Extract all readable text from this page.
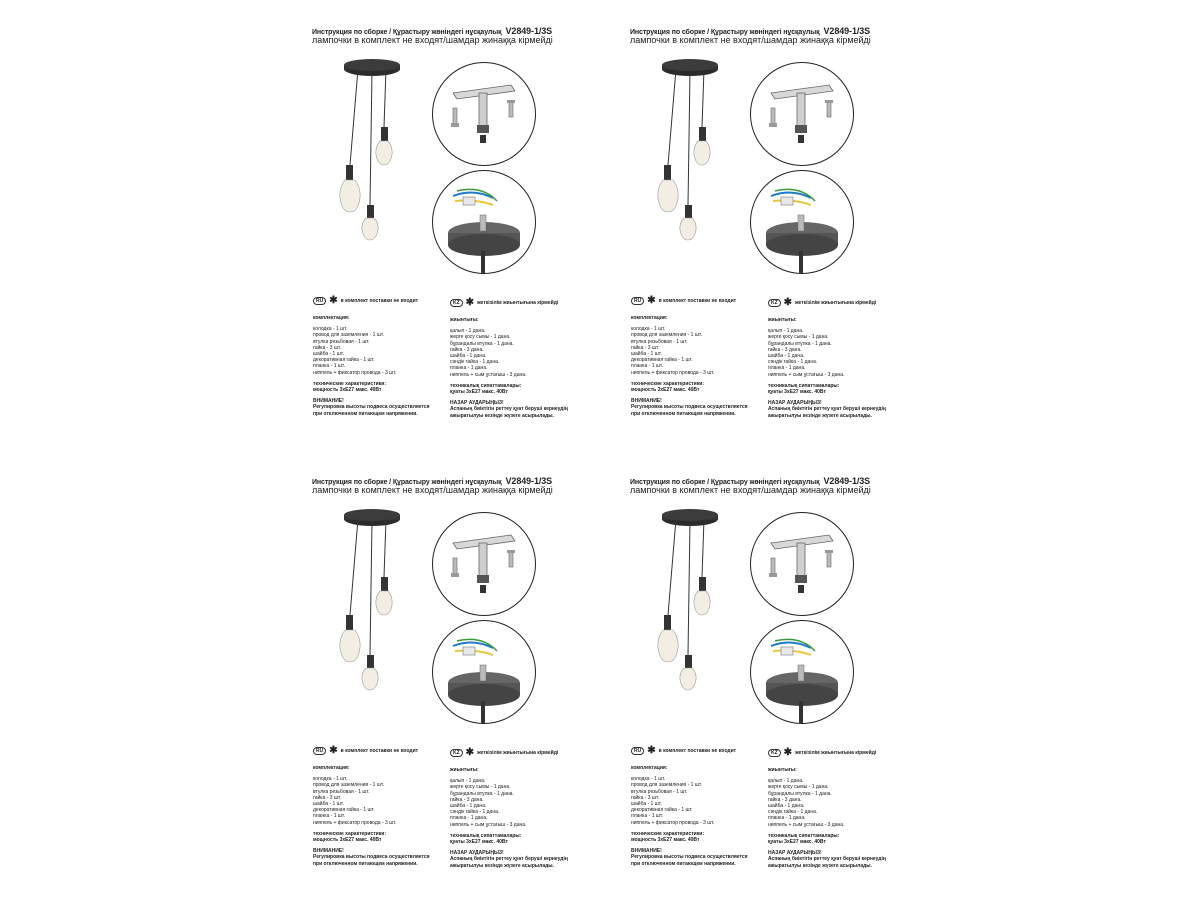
Инструкция по сборке / Құрастыру жөніндегі нұсқаулық V2849-1/3S
лампочки в комплект не входят/шамдар жинаққа кірмейді
RU ✱ в комплект поставки не входит
комплектация:
колодка - 1 шт.
провод для заземления - 1 шт.
втулка резьбовая - 1 шт.
гайка - 3 шт.
шайба - 1 шт.
декоративная гайка - 1 шт.
планка - 1 шт.
ниппель + фиксатор провода - 3 шт.
технические характеристики:
мощность 3хЕ27 макс. 40Вт
ВНИМАНИЕ!
Регулировка высоты подвеса осуществляется
при отключенном питающем напряжении.
KZ ✱ жеткізілім жиынтығына кірмейді
жиынтығы:
қалып - 1 дана.
жерге қосу сымы - 1 дана.
бұрандалы втулка - 1 дана.
гайка - 3 дана.
шайба - 1 дана.
сәндік гайка - 1 дана.
планка - 1 дана.
ниппель + сым ұстағыш - 3 дана.
техникалық сипаттамалары:
қуаты 3хЕ27 макс. 40Вт
НАЗАР АУДАРЫҢЫЗ!
Аспаның биіктігін реттеу қуат беруші кернеудің
ажыратылуы кезінде жүзеге асырылады.
Инструкция по сборке / Құрастыру жөніндегі нұсқаулық V2849-1/3S
лампочки в комплект не входят/шамдар жинаққа кірмейді
RU ✱ в комплект поставки не входит
комплектация:
колодка - 1 шт.
провод для заземления - 1 шт.
втулка резьбовая - 1 шт.
гайка - 3 шт.
шайба - 1 шт.
декоративная гайка - 1 шт.
планка - 1 шт.
ниппель + фиксатор провода - 3 шт.
технические характеристики:
мощность 3хЕ27 макс. 40Вт
ВНИМАНИЕ!
Регулировка высоты подвеса осуществляется
при отключенном питающем напряжении.
KZ ✱ жеткізілім жиынтығына кірмейді
жиынтығы:
қалып - 1 дана.
жерге қосу сымы - 1 дана.
бұрандалы втулка - 1 дана.
гайка - 3 дана.
шайба - 1 дана.
сәндік гайка - 1 дана.
планка - 1 дана.
ниппель + сым ұстағыш - 3 дана.
техникалық сипаттамалары:
қуаты 3хЕ27 макс. 40Вт
НАЗАР АУДАРЫҢЫЗ!
Аспаның биіктігін реттеу қуат беруші кернеудің
ажыратылуы кезінде жүзеге асырылады.
Инструкция по сборке / Құрастыру жөніндегі нұсқаулық V2849-1/3S
лампочки в комплект не входят/шамдар жинаққа кірмейді
RU ✱ в комплект поставки не входит
комплектация:
колодка - 1 шт.
провод для заземления - 1 шт.
втулка резьбовая - 1 шт.
гайка - 3 шт.
шайба - 1 шт.
декоративная гайка - 1 шт.
планка - 1 шт.
ниппель + фиксатор провода - 3 шт.
технические характеристики:
мощность 3хЕ27 макс. 40Вт
ВНИМАНИЕ!
Регулировка высоты подвеса осуществляется
при отключенном питающем напряжении.
KZ ✱ жеткізілім жиынтығына кірмейді
жиынтығы:
қалып - 1 дана.
жерге қосу сымы - 1 дана.
бұрандалы втулка - 1 дана.
гайка - 3 дана.
шайба - 1 дана.
сәндік гайка - 1 дана.
планка - 1 дана.
ниппель + сым ұстағыш - 3 дана.
техникалық сипаттамалары:
қуаты 3хЕ27 макс. 40Вт
НАЗАР АУДАРЫҢЫЗ!
Аспаның биіктігін реттеу қуат беруші кернеудің
ажыратылуы кезінде жүзеге асырылады.
Инструкция по сборке / Құрастыру жөніндегі нұсқаулық V2849-1/3S
лампочки в комплект не входят/шамдар жинаққа кірмейді
RU ✱ в комплект поставки не входит
комплектация:
колодка - 1 шт.
провод для заземления - 1 шт.
втулка резьбовая - 1 шт.
гайка - 3 шт.
шайба - 1 шт.
декоративная гайка - 1 шт.
планка - 1 шт.
ниппель + фиксатор провода - 3 шт.
технические характеристики:
мощность 3хЕ27 макс. 40Вт
ВНИМАНИЕ!
Регулировка высоты подвеса осуществляется
при отключенном питающем напряжении.
KZ ✱ жеткізілім жиынтығына кірмейді
жиынтығы:
қалып - 1 дана.
жерге қосу сымы - 1 дана.
бұрандалы втулка - 1 дана.
гайка - 3 дана.
шайба - 1 дана.
сәндік гайка - 1 дана.
планка - 1 дана.
ниппель + сым ұстағыш - 3 дана.
техникалық сипаттамалары:
қуаты 3хЕ27 макс. 40Вт
НАЗАР АУДАРЫҢЫЗ!
Аспаның биіктігін реттеу қуат беруші кернеудің
ажыратылуы кезінде жүзеге асырылады.
